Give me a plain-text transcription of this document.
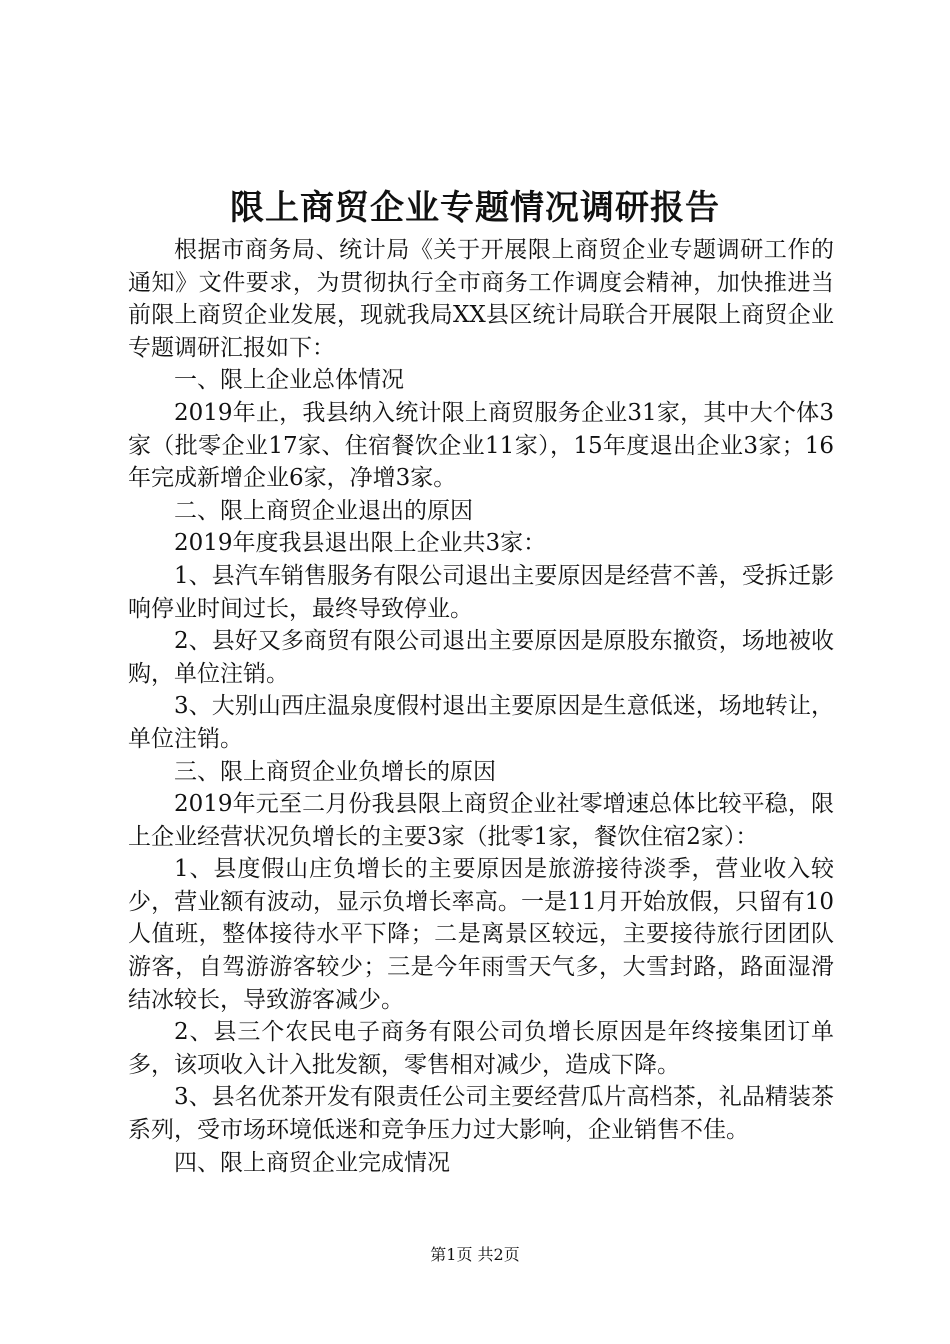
限上商贸企业专题情况调研报告

根据市商务局、统计局《关于开展限上商贸企业专题调研工作的通知》文件要求，为贯彻执行全市商务工作调度会精神，加快推进当前限上商贸企业发展，现就我局XX县区统计局联合开展限上商贸企业专题调研汇报如下：

一、限上企业总体情况

2019年止，我县纳入统计限上商贸服务企业31家，其中大个体3家（批零企业17家、住宿餐饮企业11家），15年度退出企业3家；16年完成新增企业6家，净增3家。

二、限上商贸企业退出的原因

2019年度我县退出限上企业共3家：

1、县汽车销售服务有限公司退出主要原因是经营不善，受拆迁影响停业时间过长，最终导致停业。

2、县好又多商贸有限公司退出主要原因是原股东撤资，场地被收购，单位注销。

3、大别山西庄温泉度假村退出主要原因是生意低迷，场地转让，单位注销。

三、限上商贸企业负增长的原因

2019年元至二月份我县限上商贸企业社零增速总体比较平稳，限上企业经营状况负增长的主要3家（批零1家，餐饮住宿2家）：

1、县度假山庄负增长的主要原因是旅游接待淡季，营业收入较少，营业额有波动，显示负增长率高。一是11月开始放假，只留有10人值班，整体接待水平下降；二是离景区较远，主要接待旅行团团队游客，自驾游游客较少；三是今年雨雪天气多，大雪封路，路面湿滑结冰较长，导致游客减少。

2、县三个农民电子商务有限公司负增长原因是年终接集团订单多，该项收入计入批发额，零售相对减少，造成下降。

3、县名优茶开发有限责任公司主要经营瓜片高档茶，礼品精装茶系列，受市场环境低迷和竞争压力过大影响，企业销售不佳。

四、限上商贸企业完成情况

第1页 共2页
